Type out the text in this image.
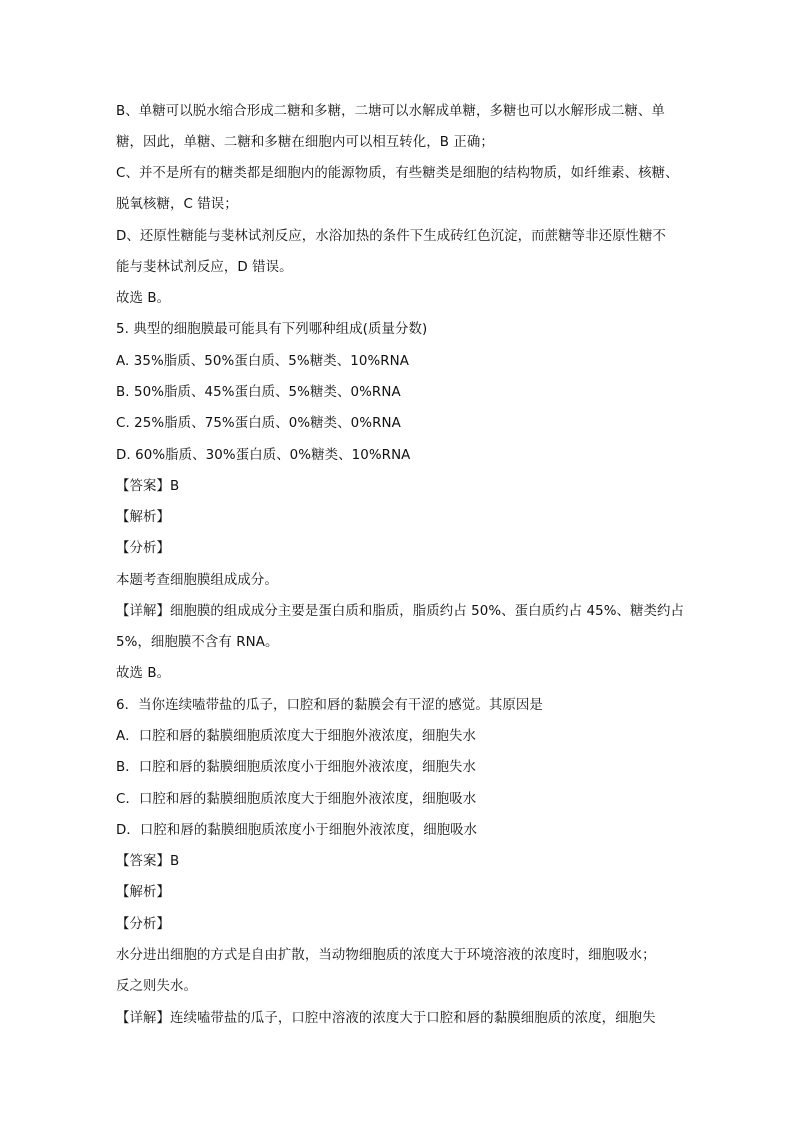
B、单糖可以脱水缩合形成二糖和多糖，二塘可以水解成单糖，多糖也可以水解形成二糖、单

糖，因此，单糖、二糖和多糖在细胞内可以相互转化，B 正确；

C、并不是所有的糖类都是细胞内的能源物质，有些糖类是细胞的结构物质，如纤维素、核糖、

脱氧核糖，C 错误；

D、还原性糖能与斐林试剂反应，水浴加热的条件下生成砖红色沉淀，而蔗糖等非还原性糖不

能与斐林试剂反应，D 错误。

故选 B。

5. 典型的细胞膜最可能具有下列哪种组成(质量分数)

A. 35%脂质、50%蛋白质、5%糖类、10%RNA

B. 50%脂质、45%蛋白质、5%糖类、0%RNA

C. 25%脂质、75%蛋白质、0%糖类、0%RNA

D. 60%脂质、30%蛋白质、0%糖类、10%RNA

【答案】B

【解析】

【分析】

本题考查细胞膜组成成分。

【详解】细胞膜的组成成分主要是蛋白质和脂质，脂质约占 50%、蛋白质约占 45%、糖类约占

5%，细胞膜不含有 RNA。

故选 B。

6．当你连续嗑带盐的瓜子，口腔和唇的黏膜会有干涩的感觉。其原因是

A．口腔和唇的黏膜细胞质浓度大于细胞外液浓度，细胞失水

B．口腔和唇的黏膜细胞质浓度小于细胞外液浓度，细胞失水

C．口腔和唇的黏膜细胞质浓度大于细胞外液浓度，细胞吸水

D．口腔和唇的黏膜细胞质浓度小于细胞外液浓度，细胞吸水

【答案】B

【解析】

【分析】

水分进出细胞的方式是自由扩散，当动物细胞质的浓度大于环境溶液的浓度时，细胞吸水；

反之则失水。

【详解】连续嗑带盐的瓜子，口腔中溶液的浓度大于口腔和唇的黏膜细胞质的浓度，细胞失
